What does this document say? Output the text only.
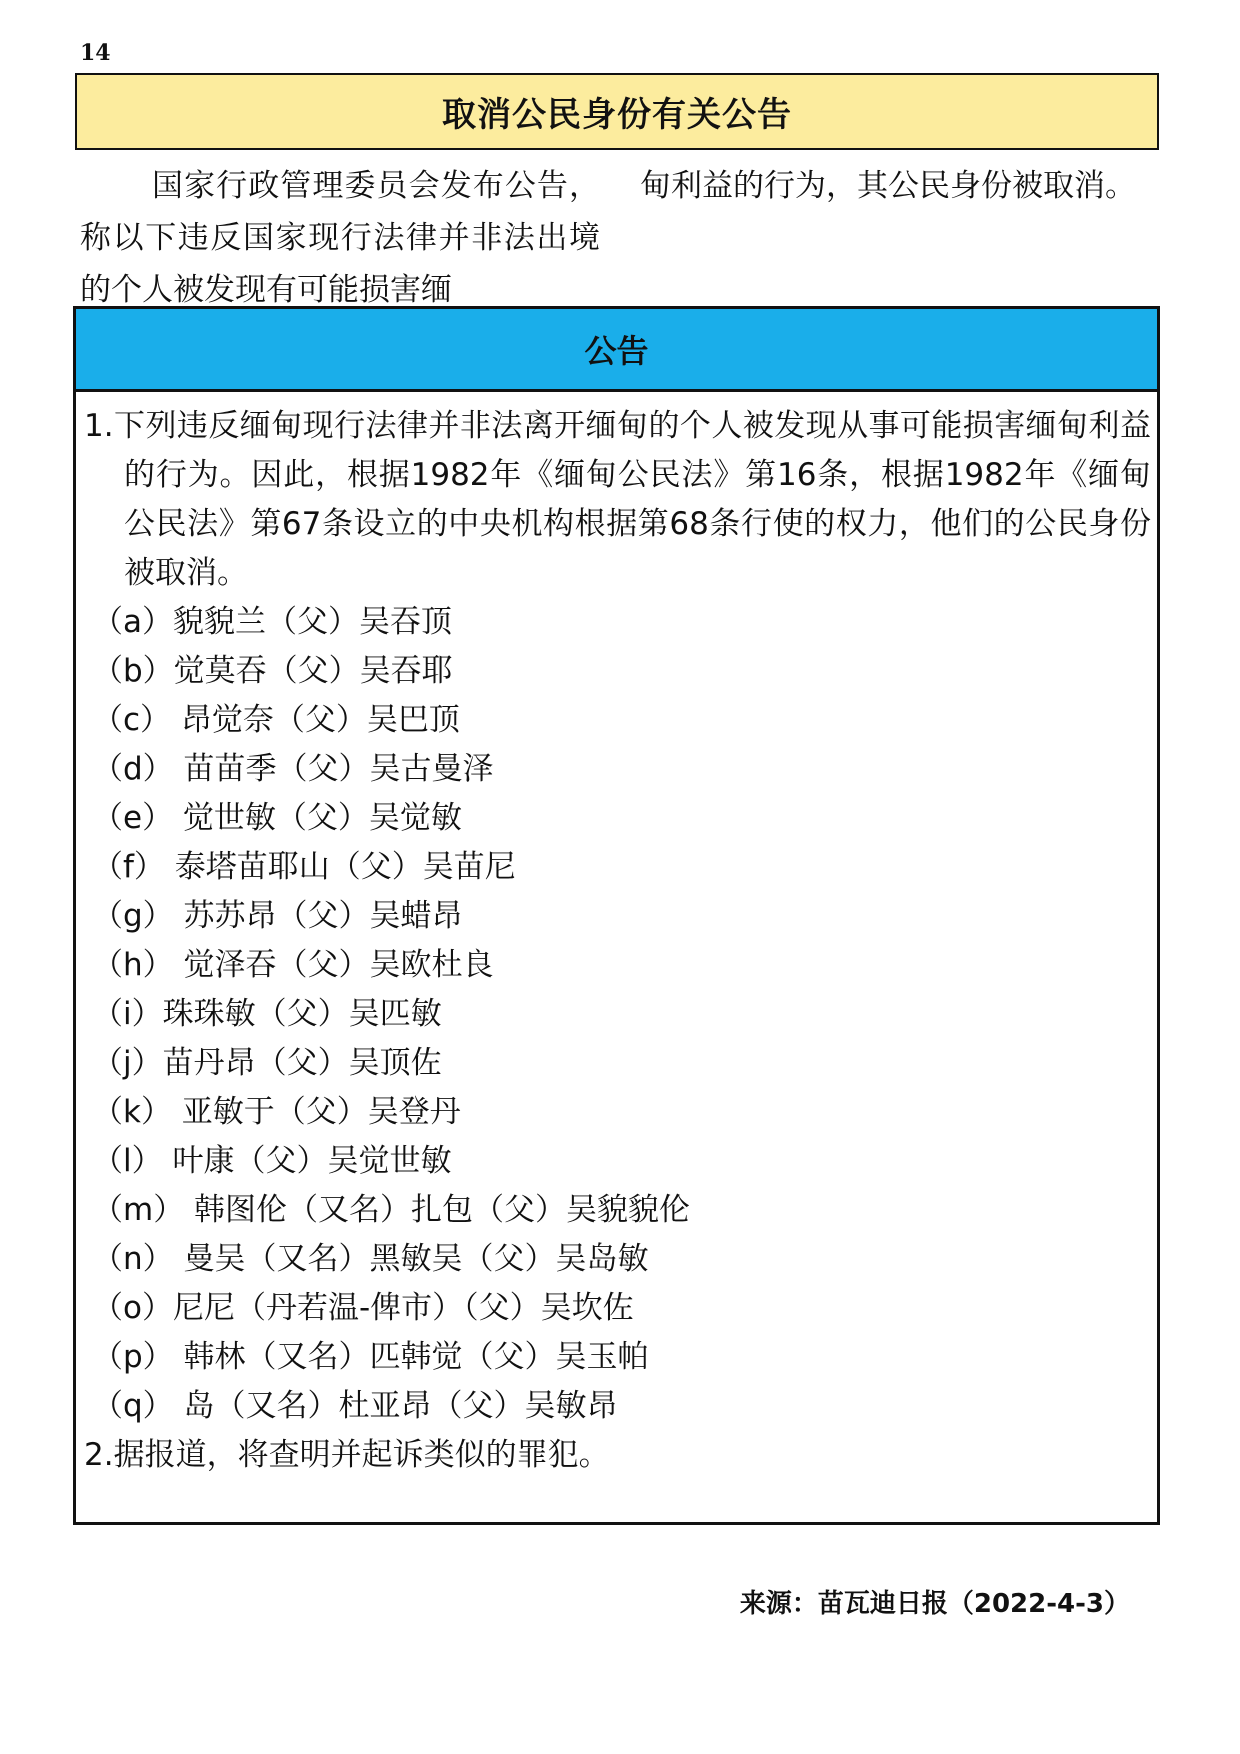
14
取消公民身份有关公告
国家行政管理委员会发布公告，称以下违反国家现行法律并非法出境的个人被发现有可能损害缅
甸利益的行为，其公民身份被取消。
公告
1.下列违反缅甸现行法律并非法离开缅甸的个人被发现从事可能损害缅甸利益的行为。因此，根据1982年《缅甸公民法》第16条，根据1982年《缅甸公民法》第67条设立的中央机构根据第68条行使的权力，他们的公民身份被取消。
（a）貌貌兰（父）吴吞顶
（b）觉莫吞（父）吴吞耶
（c） 昂觉奈（父）吴巴顶
（d） 苗苗季（父）吴古曼泽
（e） 觉世敏（父）吴觉敏
（f） 泰塔苗耶山（父）吴苗尼
（g） 苏苏昂（父）吴蜡昂
（h） 觉泽吞（父）吴欧杜良
（i）珠珠敏（父）吴匹敏
（j）苗丹昂（父）吴顶佐
（k） 亚敏于（父）吴登丹
（l） 叶康（父）吴觉世敏
（m） 韩图伦（又名）扎包（父）吴貌貌伦
（n） 曼吴（又名）黑敏吴（父）吴岛敏
（o）尼尼（丹若温-俾市）（父）吴坎佐
（p） 韩林（又名）匹韩觉（父）吴玉帕
（q） 岛（又名）杜亚昂（父）吴敏昂
2.据报道，将查明并起诉类似的罪犯。
来源：苗瓦迪日报（2022-4-3）
